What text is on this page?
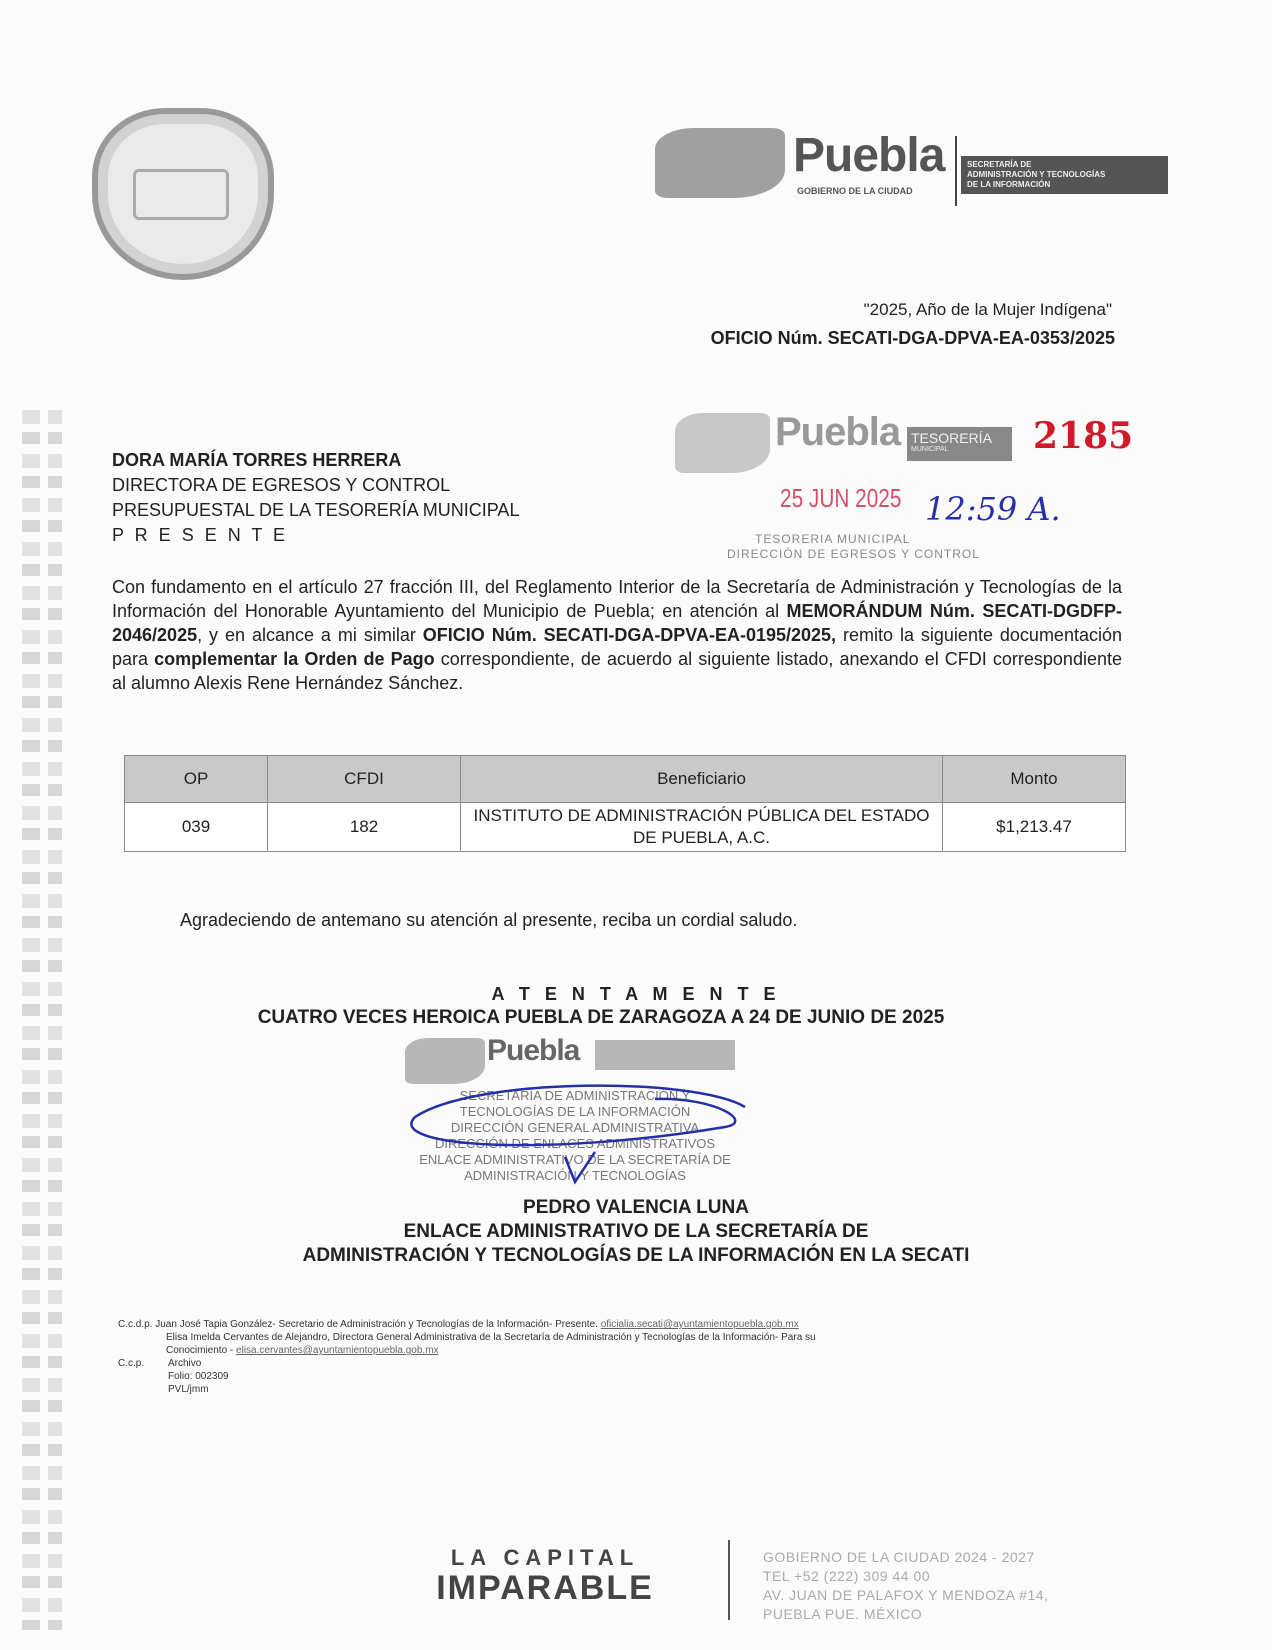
Puebla
GOBIERNO DE LA CIUDAD
SECRETARÍA DE
ADMINISTRACIÓN Y TECNOLOGÍAS
DE LA INFORMACIÓN
"2025, Año de la Mujer Indígena"
OFICIO Núm. SECATI-DGA-DPVA-EA-0353/2025
DORA MARÍA TORRES HERRERA
DIRECTORA DE EGRESOS Y CONTROL
PRESUPUESTAL DE LA TESORERÍA MUNICIPAL
P R E S E N T E
Puebla TESORERÍA
MUNICIPAL	2185
25 JUN 2025 12:59 A.
TESORERIA MUNICIPAL
DIRECCIÓN DE EGRESOS Y CONTROL

Con fundamento en el artículo 27 fracción III, del Reglamento Interior de la Secretaría de Administración y Tecnologías de la Información del Honorable Ayuntamiento del Municipio de Puebla; en atención al MEMORÁNDUM Núm. SECATI-DGDFP-2046/2025, y en alcance a mi similar OFICIO Núm. SECATI-DGA-DPVA-EA-0195/2025, remito la siguiente documentación para complementar la Orden de Pago correspondiente, de acuerdo al siguiente listado, anexando el CFDI correspondiente al alumno Alexis Rene Hernández Sánchez.

OP	CFDI	Beneficiario	Monto
039	182	INSTITUTO DE ADMINISTRACIÓN PÚBLICA DEL ESTADO DE PUEBLA, A.C.	$1,213.47
Agradeciendo de antemano su atención al presente, reciba un cordial saludo.
A T E N T A M E N T E
CUATRO VECES HEROICA PUEBLA DE ZARAGOZA A 24 DE JUNIO DE 2025
Puebla
SECRETARÍA DE ADMINISTRACIÓN Y
TECNOLOGÍAS DE LA INFORMACIÓN
DIRECCIÓN GENERAL ADMINISTRATIVA
DIRECCIÓN DE ENLACES ADMINISTRATIVOS
ENLACE ADMINISTRATIVO DE LA SECRETARÍA DE
ADMINISTRACIÓN Y TECNOLOGÍAS
PEDRO VALENCIA LUNA
ENLACE ADMINISTRATIVO DE LA SECRETARÍA DE
ADMINISTRACIÓN Y TECNOLOGÍAS DE LA INFORMACIÓN EN LA SECATI
C.c.d.p. Juan José Tapia González- Secretario de Administración y Tecnologías de la Información- Presente. oficialia.secati@ayuntamientopuebla.gob.mx
Elisa Imelda Cervantes de Alejandro, Directora General Administrativa de la Secretaría de Administración y Tecnologías de la Información- Para su
Conocimiento - elisa.cervantes@ayuntamientopuebla.gob.mx
C.c.p. Archivo
Folio: 002309
PVL/jmm
LA CAPITAL
IMPARABLE
GOBIERNO DE LA CIUDAD 2024 - 2027
TEL +52 (222) 309 44 00
AV. JUAN DE PALAFOX Y MENDOZA #14,
PUEBLA PUE. MÉXICO
